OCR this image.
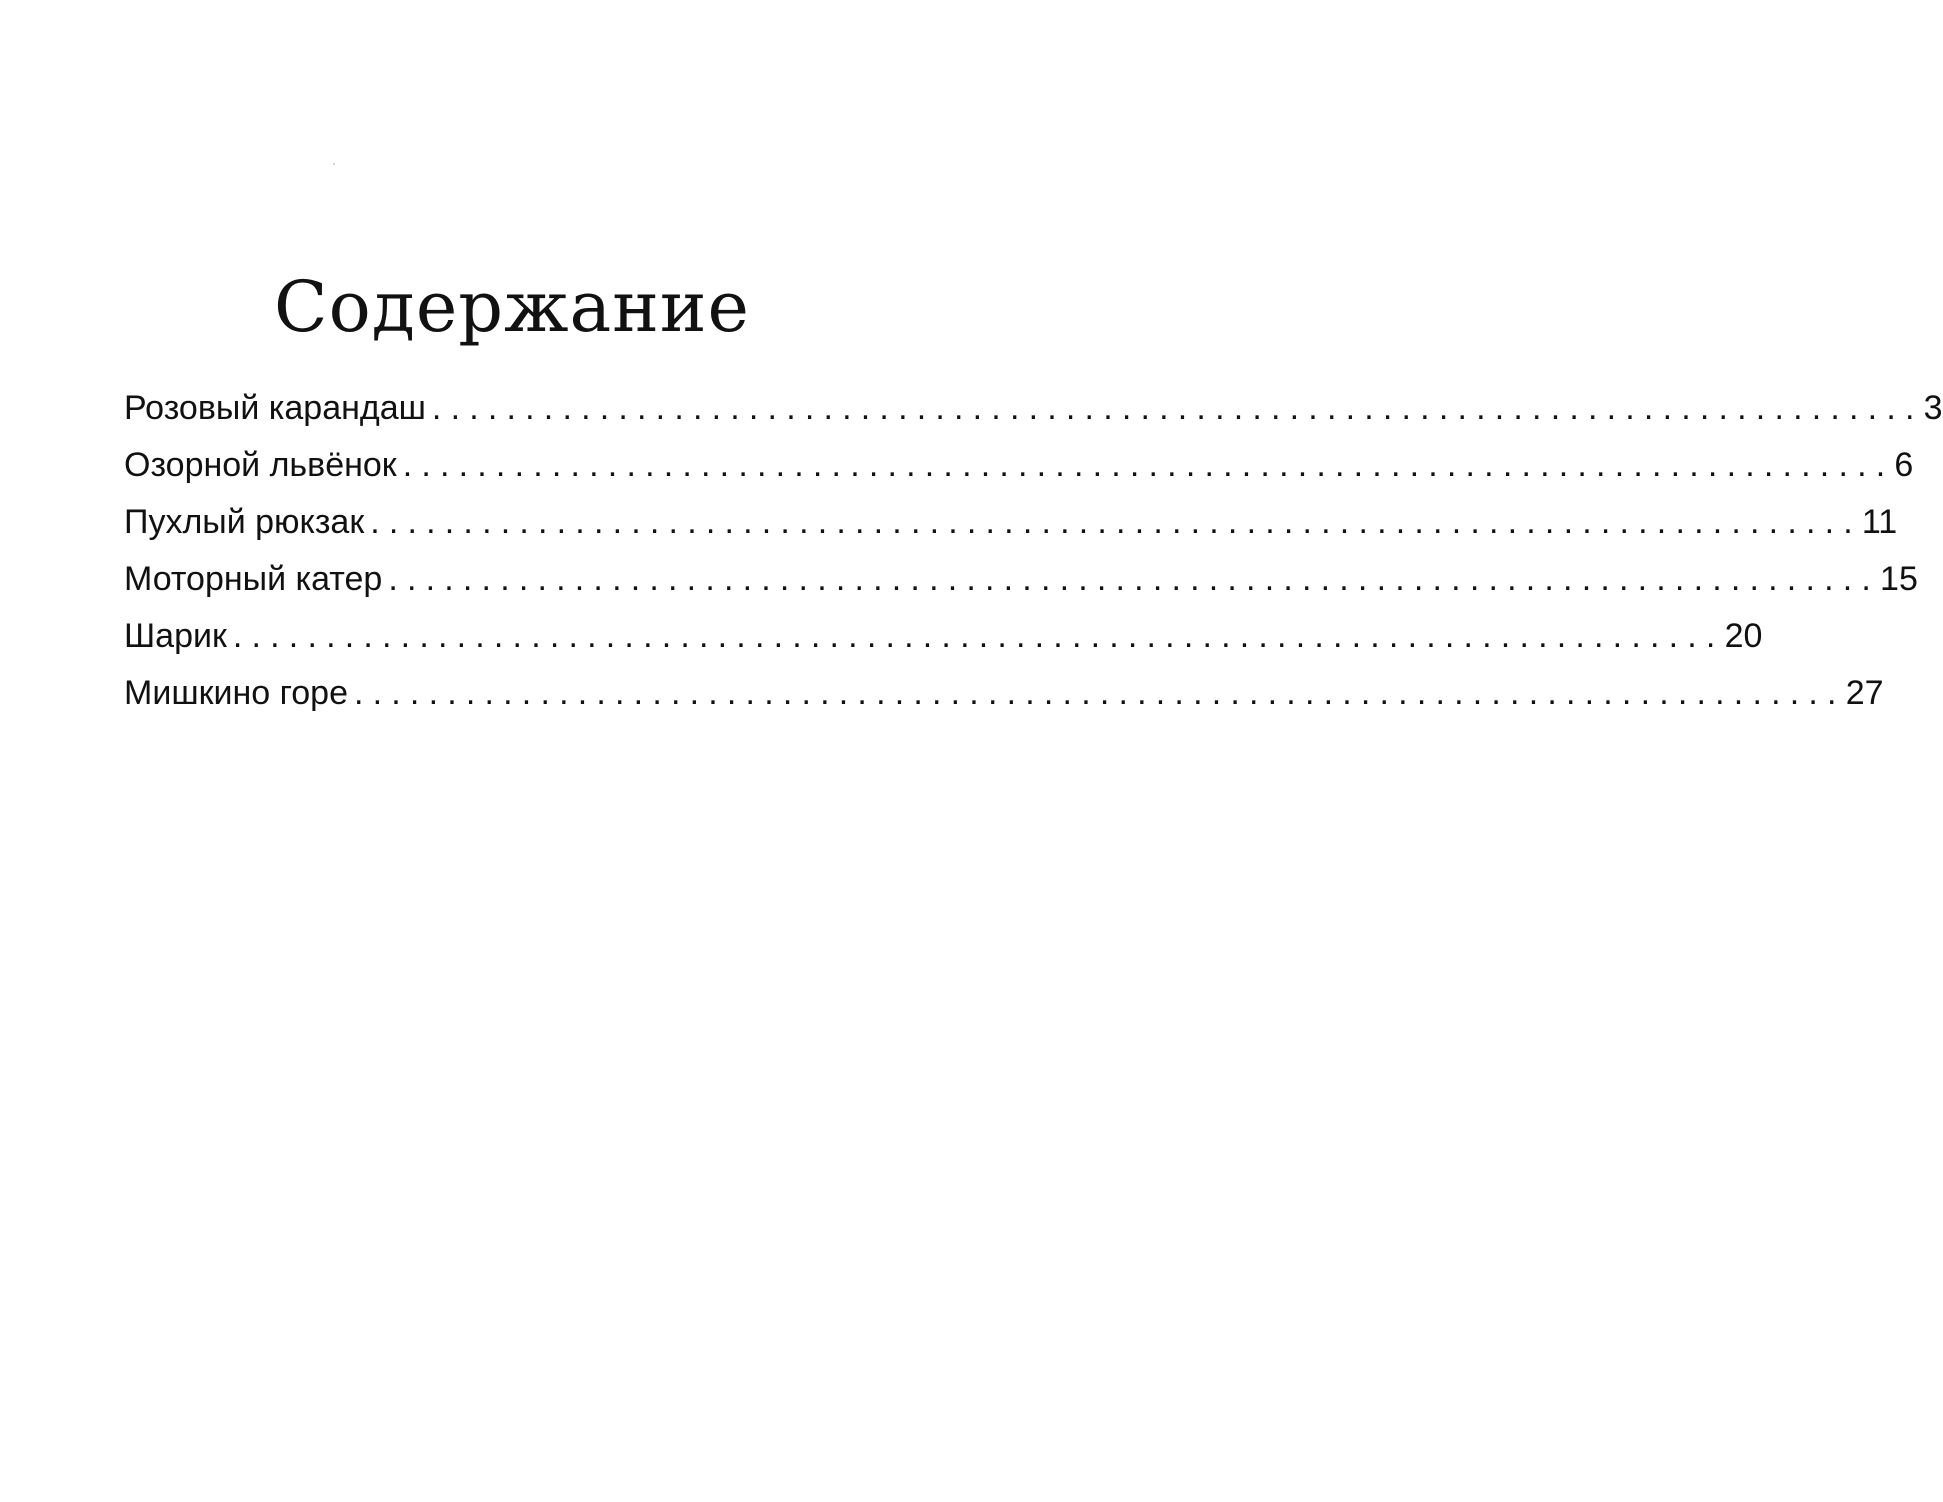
Содержание
Розовый карандаш ................................................................................ 3
Озорной львёнок ................................................................................ 6
Пухлый рюкзак ................................................................................ 11
Моторный катер ................................................................................ 15
Шарик ................................................................................ 20
Мишкино горе ................................................................................ 27
